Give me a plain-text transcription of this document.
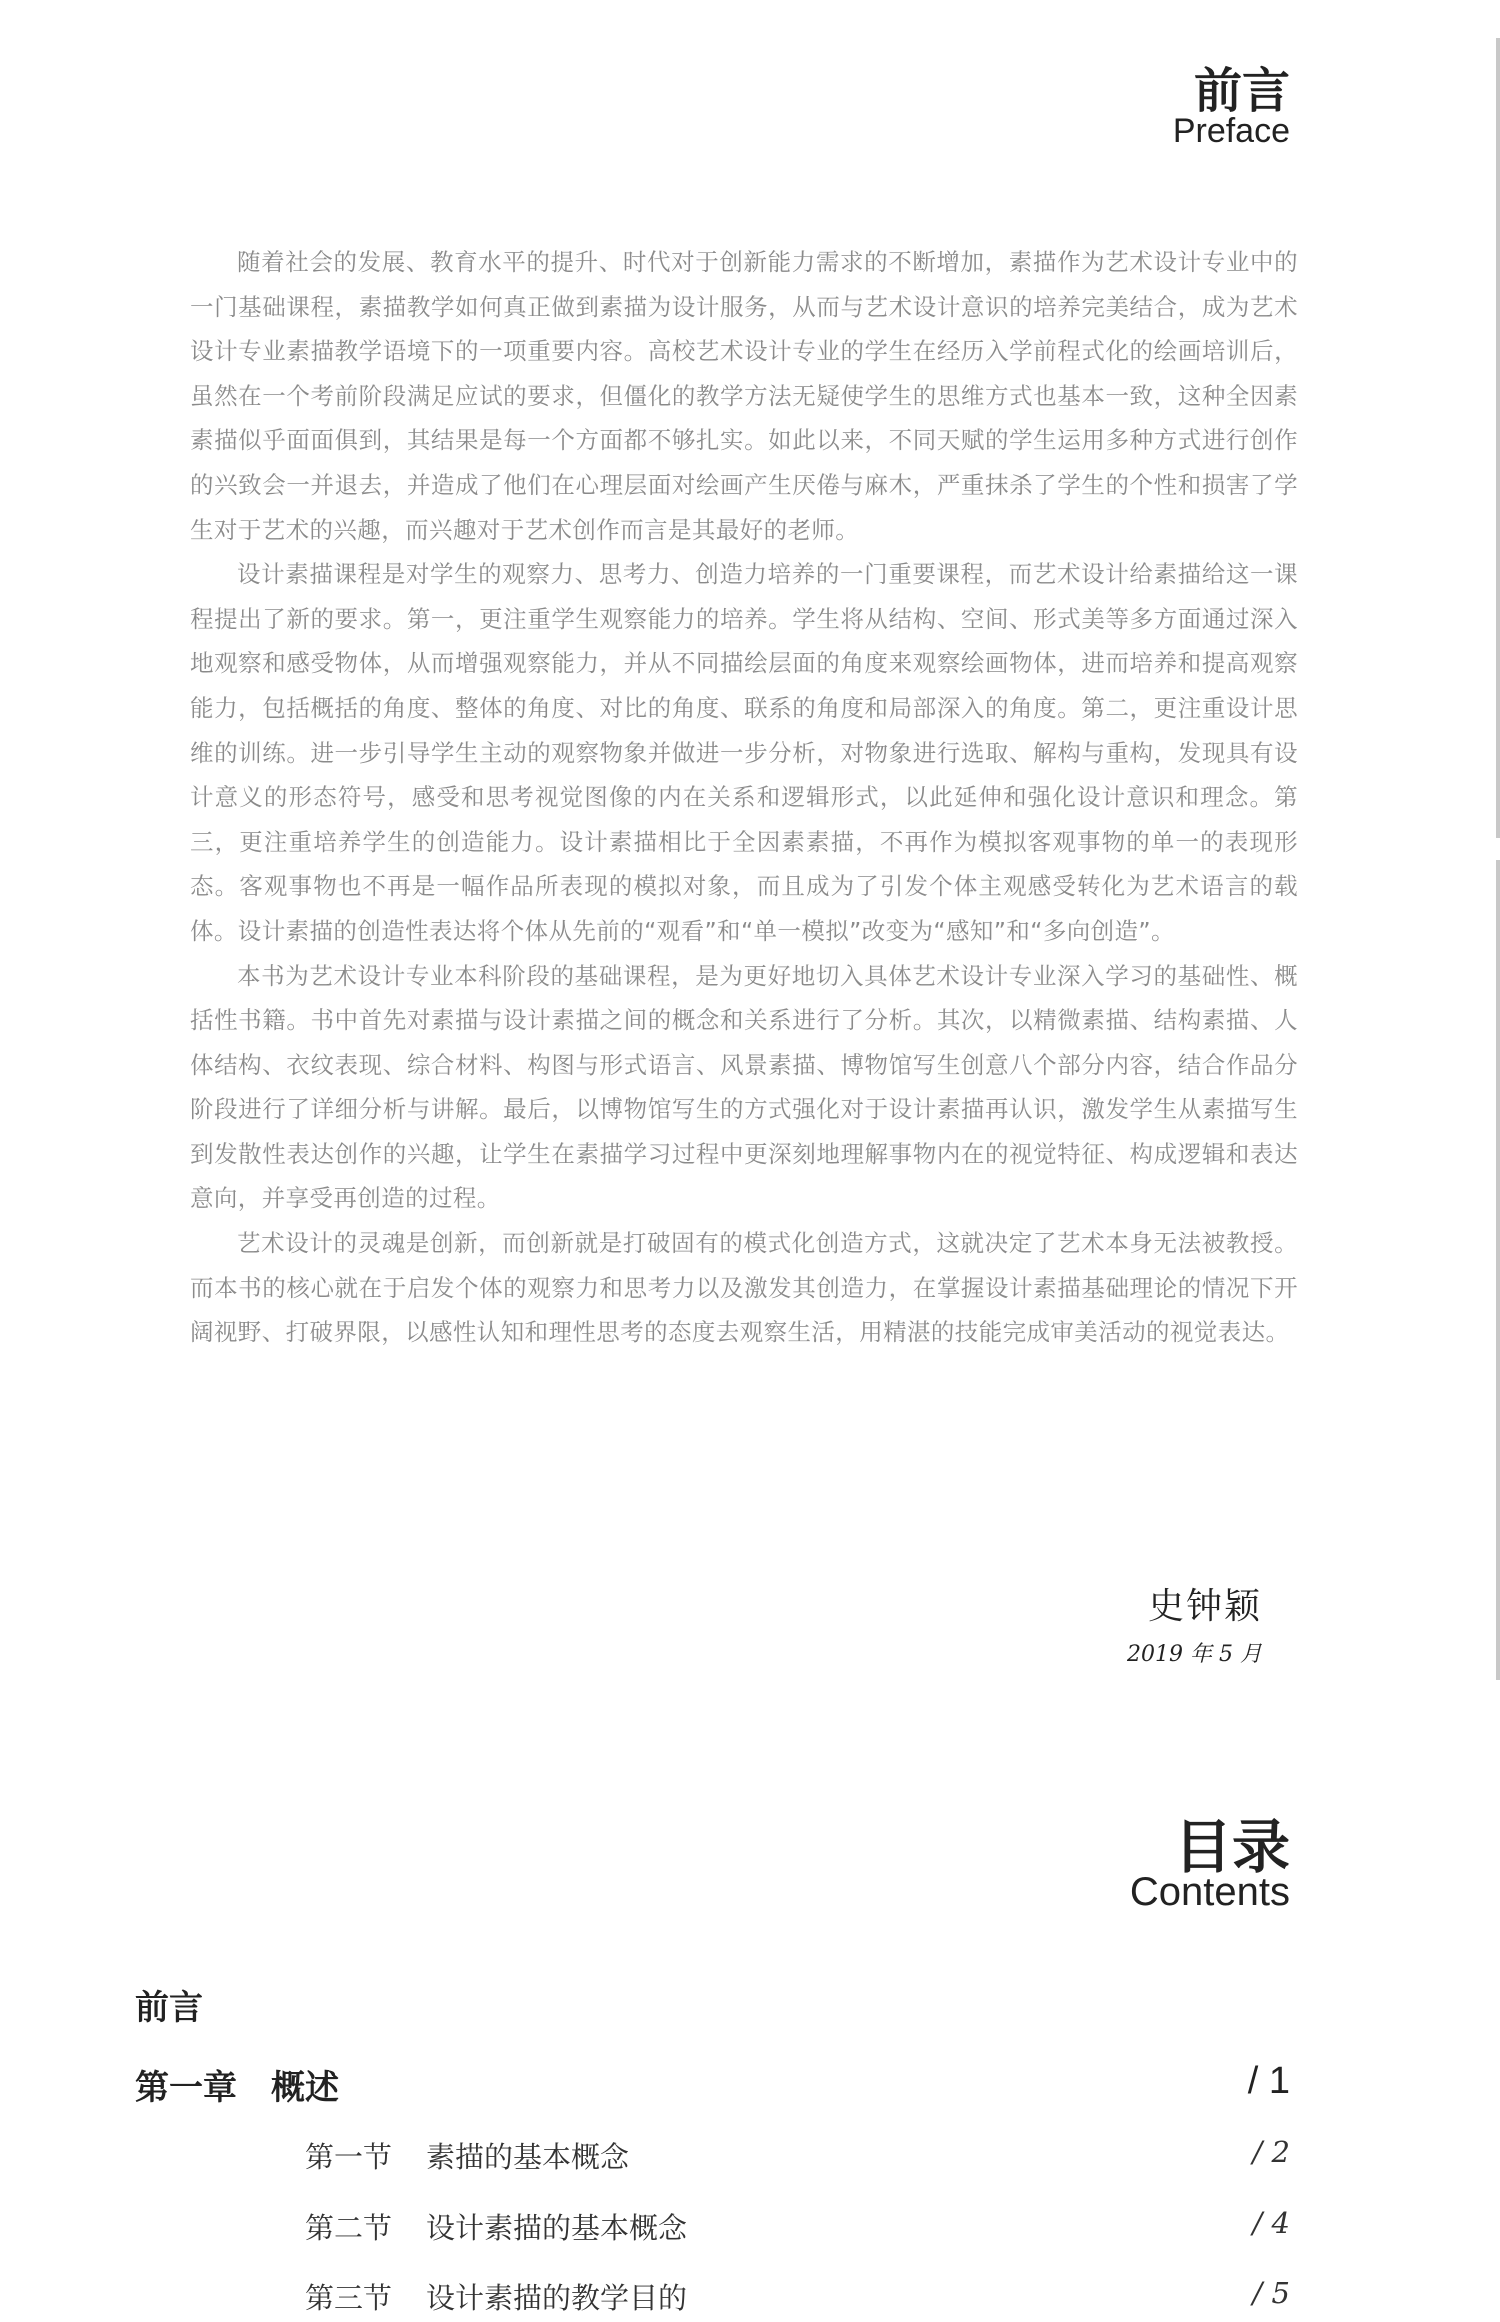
前言
Preface

随着社会的发展、教育水平的提升、时代对于创新能力需求的不断增加，素描作为艺术设计专业中的一门基础课程，素描教学如何真正做到素描为设计服务，从而与艺术设计意识的培养完美结合，成为艺术设计专业素描教学语境下的一项重要内容。高校艺术设计专业的学生在经历入学前程式化的绘画培训后，虽然在一个考前阶段满足应试的要求，但僵化的教学方法无疑使学生的思维方式也基本一致，这种全因素素描似乎面面俱到，其结果是每一个方面都不够扎实。如此以来，不同天赋的学生运用多种方式进行创作的兴致会一并退去，并造成了他们在心理层面对绘画产生厌倦与麻木，严重抹杀了学生的个性和损害了学生对于艺术的兴趣，而兴趣对于艺术创作而言是其最好的老师。

设计素描课程是对学生的观察力、思考力、创造力培养的一门重要课程，而艺术设计给素描给这一课程提出了新的要求。第一，更注重学生观察能力的培养。学生将从结构、空间、形式美等多方面通过深入地观察和感受物体，从而增强观察能力，并从不同描绘层面的角度来观察绘画物体，进而培养和提高观察能力，包括概括的角度、整体的角度、对比的角度、联系的角度和局部深入的角度。第二，更注重设计思维的训练。进一步引导学生主动的观察物象并做进一步分析，对物象进行选取、解构与重构，发现具有设计意义的形态符号，感受和思考视觉图像的内在关系和逻辑形式，以此延伸和强化设计意识和理念。第三，更注重培养学生的创造能力。设计素描相比于全因素素描，不再作为模拟客观事物的单一的表现形态。客观事物也不再是一幅作品所表现的模拟对象，而且成为了引发个体主观感受转化为艺术语言的载体。设计素描的创造性表达将个体从先前的“观看”和“单一模拟”改变为“感知”和“多向创造”。

本书为艺术设计专业本科阶段的基础课程，是为更好地切入具体艺术设计专业深入学习的基础性、概括性书籍。书中首先对素描与设计素描之间的概念和关系进行了分析。其次，以精微素描、结构素描、人体结构、衣纹表现、综合材料、构图与形式语言、风景素描、博物馆写生创意八个部分内容，结合作品分阶段进行了详细分析与讲解。最后，以博物馆写生的方式强化对于设计素描再认识，激发学生从素描写生到发散性表达创作的兴趣，让学生在素描学习过程中更深刻地理解事物内在的视觉特征、构成逻辑和表达意向，并享受再创造的过程。

艺术设计的灵魂是创新，而创新就是打破固有的模式化创造方式，这就决定了艺术本身无法被教授。而本书的核心就在于启发个体的观察力和思考力以及激发其创造力，在掌握设计素描基础理论的情况下开阔视野、打破界限，以感性认知和理性思考的态度去观察生活，用精湛的技能完成审美活动的视觉表达。

史钟颖
2019 年 5 月
目录
Contents
前言
第一章 概述	/ 1
第一节 素描的基本概念	/ 2
第二节 设计素描的基本概念	/ 4
第三节 设计素描的教学目的	/ 5
